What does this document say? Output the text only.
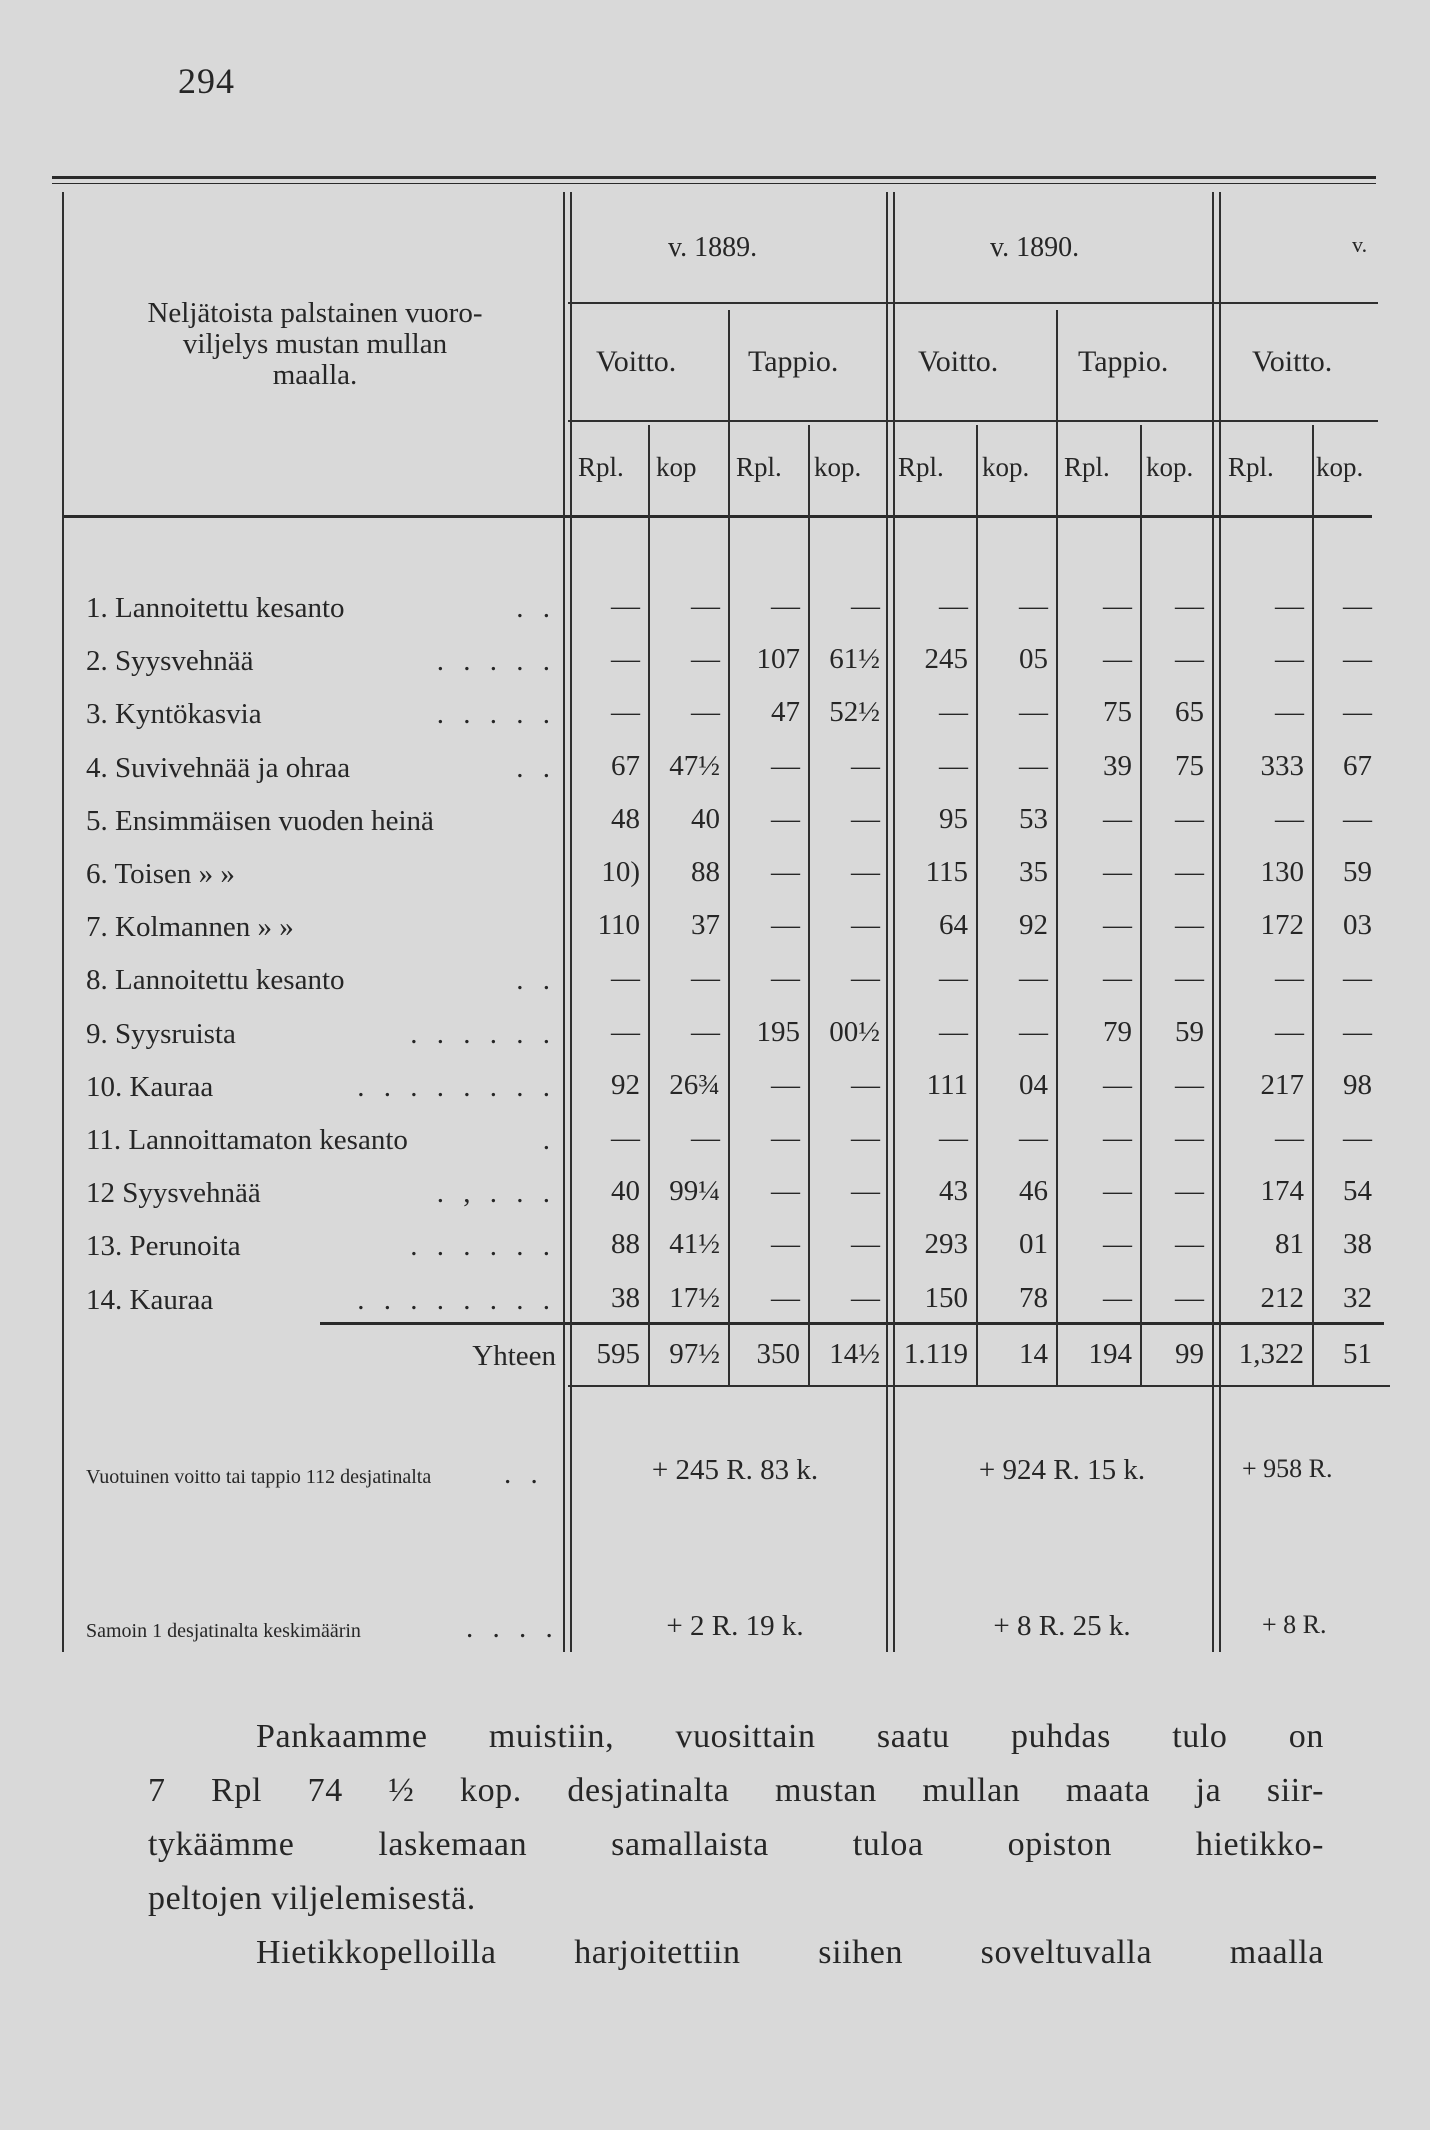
294
Neljätoista palstainen vuoro-
viljelys mustan mullan
maalla.
v. 1889.	v. 1890.	v.
Voitto. Tappio.	Voitto.	Tappio.	Voitto.
Rpl. kop Rpl. kop. Rpl. kop. Rpl. kop. Rpl. kop.
1. Lannoitettu kesanto	. . — — — — — — — — — —
2. Syysvehnää	. . . . . — — 107 61½ 245 05 — — — —
3. Kyntökasvia	. . . . . — — 47 52½ — — 75 65 — —
4. Suvivehnää ja ohraa	. . 67 47½ — — — — 39 75 333 67
5. Ensimmäisen vuoden heinä	48 40 — — 95 53 — — — —
6. Toisen » »	10) 88 — — 115 35 — — 130 59
7. Kolmannen » »	110 37 — — 64 92 — — 172 03
8. Lannoitettu kesanto	. . — — — — — — — — — —
9. Syysruista	. . . . . . — — 195 00½ — — 79 59 — —
10. Kauraa	. . . . . . . . 92 26¾ — — 111 04 — — 217 98
11. Lannoittamaton kesanto	. — — — — — — — — — —
12 Syysvehnää	. , . . . 40 99¼ — — 43 46 — — 174 54
13. Perunoita	. . . . . . 88 41½ — — 293 01 — — 81 38
14. Kauraa	. . . . . . . . 38 17½ — — 150 78 — — 212 32
Yhteen 595 97½ 350 14½ 1.119 14 194 99 1,322 51
Vuotuinen voitto tai tappio 112 desjatinalta	. .	+ 245 R. 83 k.	+ 924 R. 15 k.	+ 958 R.
Samoin 1 desjatinalta keskimäärin	. . . .	+ 2 R. 19 k.	+ 8 R. 25 k.	+ 8 R.

Pankaamme muistiin, vuosittain saatu puhdas tulo on

7 Rpl 74 ½ kop. desjatinalta mustan mullan maata ja siir-

tykäämme laskemaan samallaista tuloa opiston hietikko-

peltojen viljelemisestä.

Hietikkopelloilla harjoitettiin siihen soveltuvalla maalla
